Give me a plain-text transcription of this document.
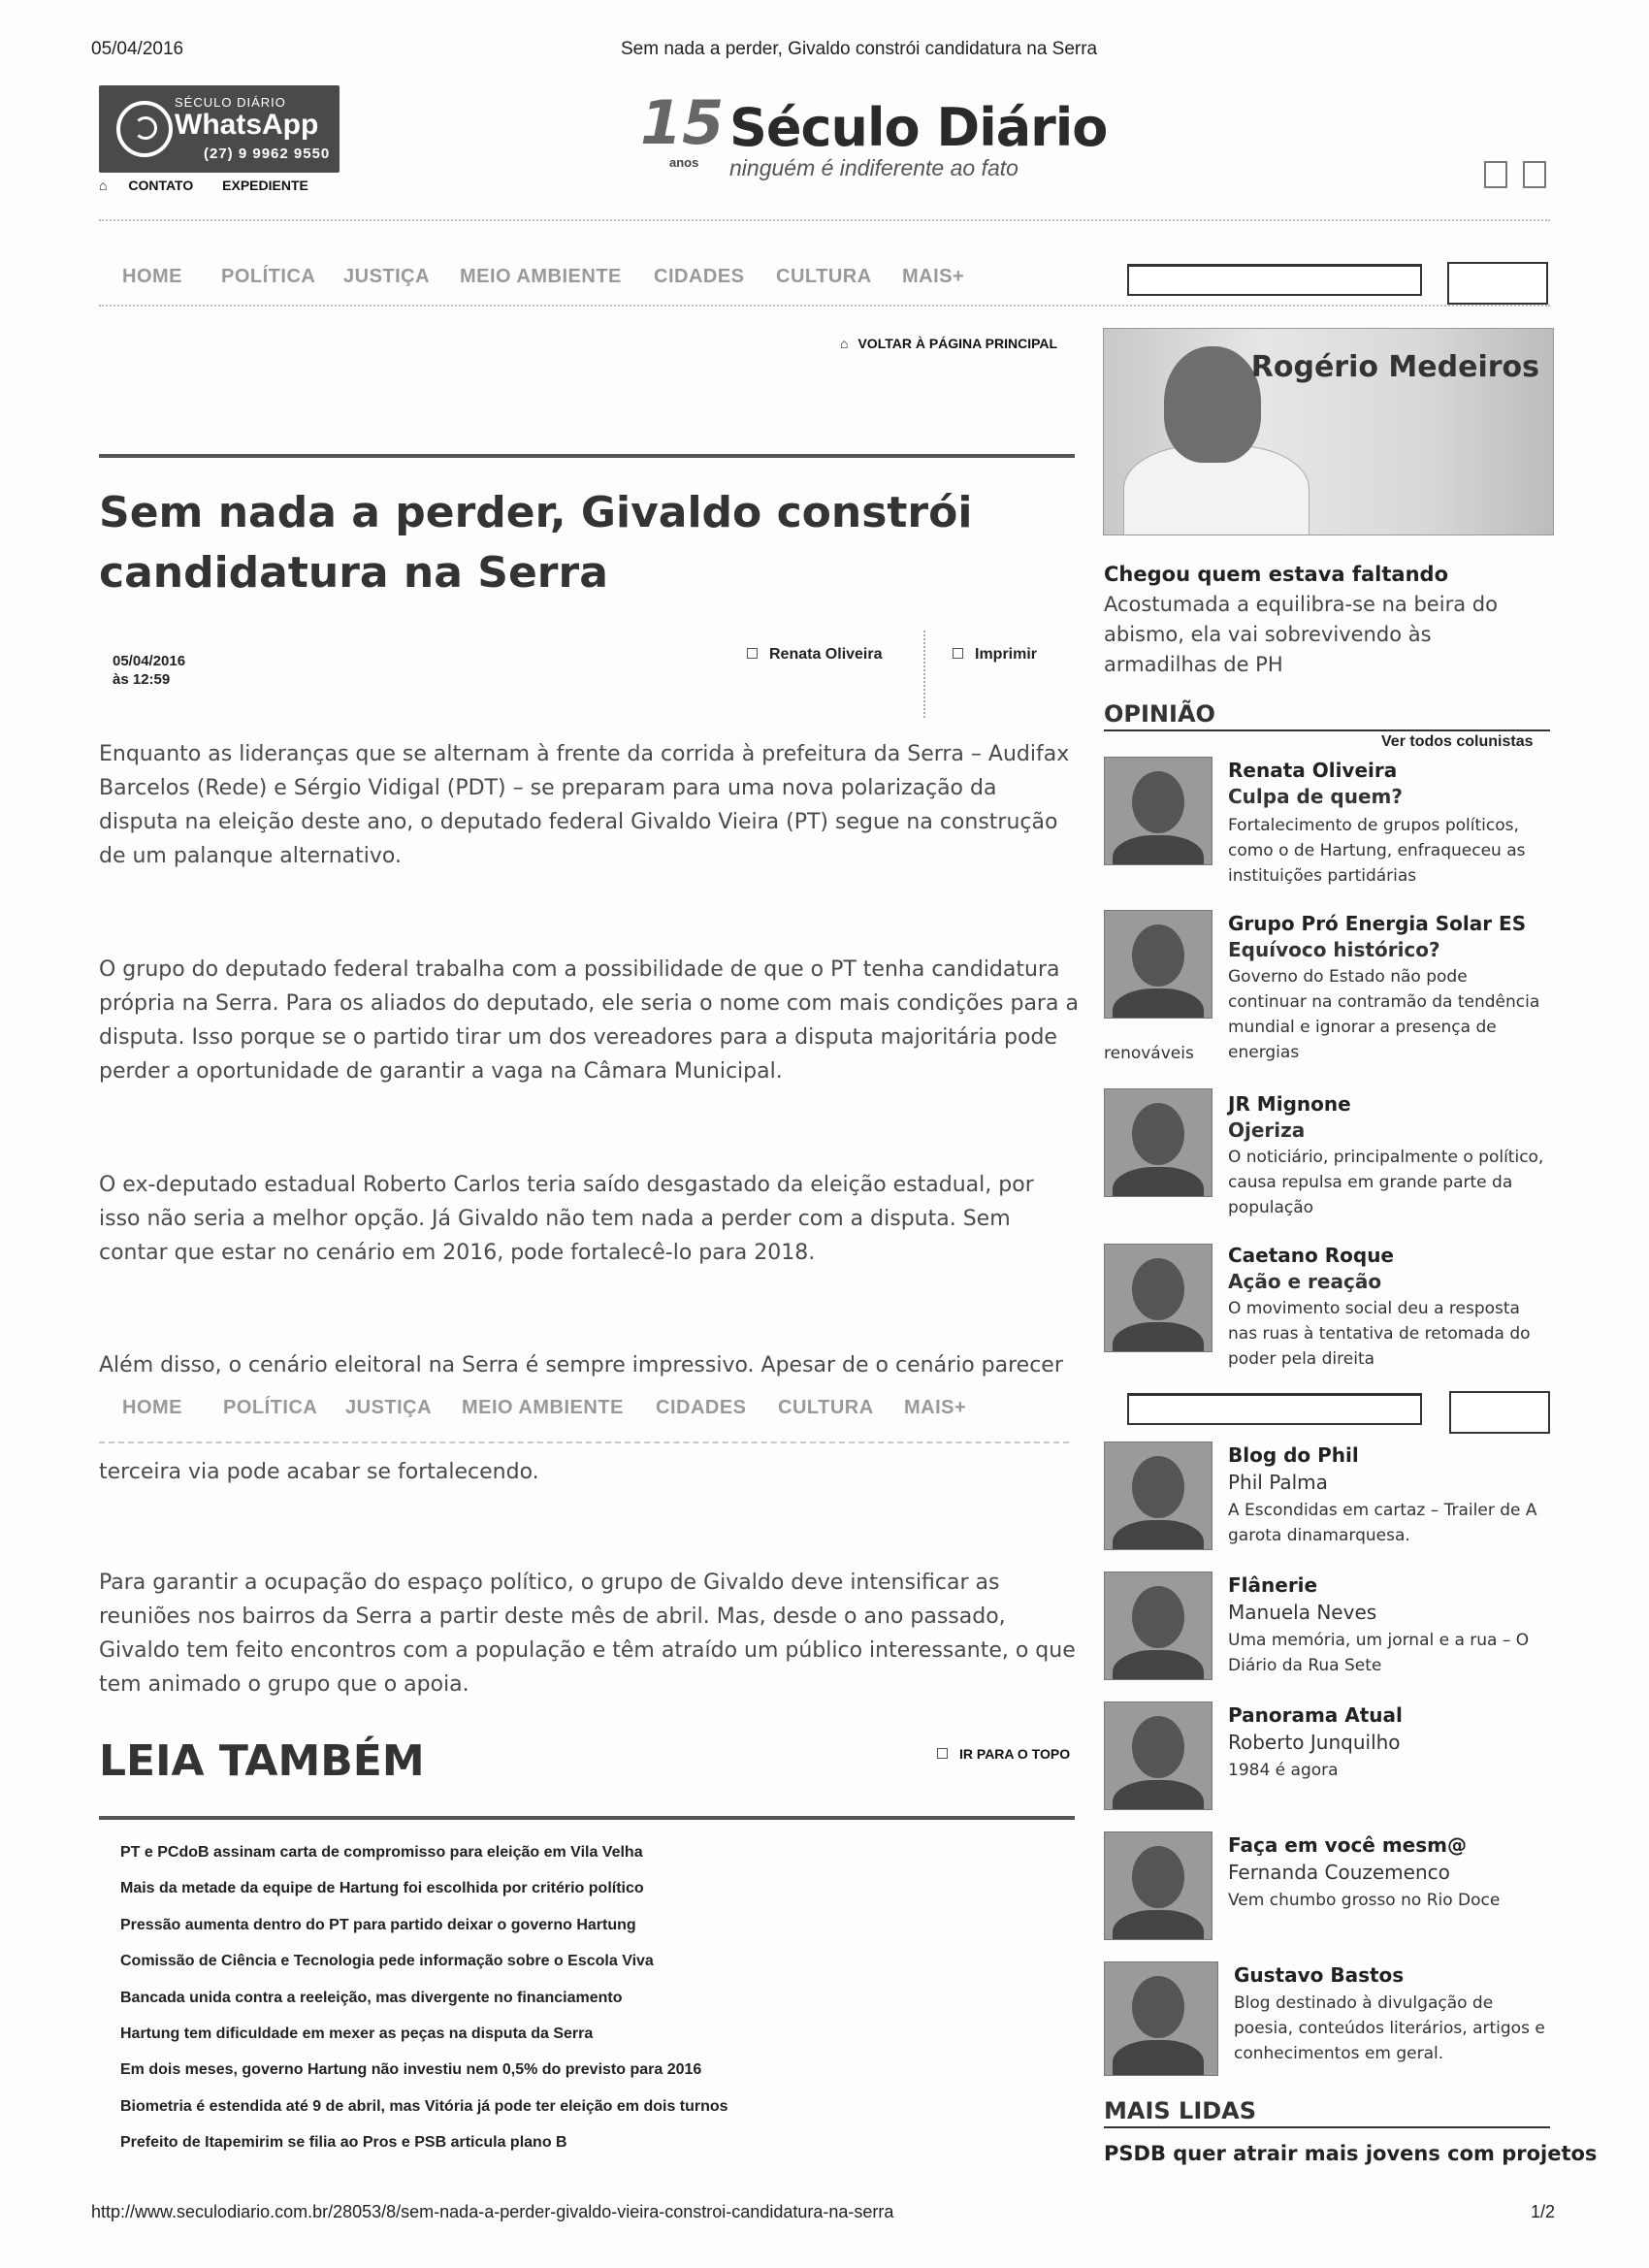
05/04/2016	Sem nada a perder, Givaldo constrói candidatura na Serra
http://www.seculodiario.com.br/28053/8/sem-nada-a-perder-givaldo-vieira-constroi-candidatura-na-serra	1/2
SÉCULO DIÁRIO
WhatsApp
(27) 9 9962 9550
⌂ CONTATO EXPEDIENTE
15
anos
Século Diário
ninguém é indiferente ao fato
HOME POLÍTICA JUSTIÇA MEIO AMBIENTE CIDADES CULTURA MAIS+
⌂ VOLTAR À PÁGINA PRINCIPAL
Sem nada a perder, Givaldo constrói candidatura na Serra
05/04/2016
às 12:59
Renata Oliveira	Imprimir

Enquanto as lideranças que se alternam à frente da corrida à prefeitura da Serra – Audifax Barcelos (Rede) e Sérgio Vidigal (PDT) – se preparam para uma nova polarização da disputa na eleição deste ano, o deputado federal Givaldo Vieira (PT) segue na construção de um palanque alternativo.

O grupo do deputado federal trabalha com a possibilidade de que o PT tenha candidatura própria na Serra. Para os aliados do deputado, ele seria o nome com mais condições para a disputa. Isso porque se o partido tirar um dos vereadores para a disputa majoritária pode perder a oportunidade de garantir a vaga na Câmara Municipal.

O ex-deputado estadual Roberto Carlos teria saído desgastado da eleição estadual, por isso não seria a melhor opção. Já Givaldo não tem nada a perder com a disputa. Sem contar que estar no cenário em 2016, pode fortalecê-lo para 2018.

Além disso, o cenário eleitoral na Serra é sempre impressivo. Apesar de o cenário parecer

HOME POLÍTICA JUSTIÇA MEIO AMBIENTE CIDADES CULTURA MAIS+

terceira via pode acabar se fortalecendo.

Para garantir a ocupação do espaço político, o grupo de Givaldo deve intensificar as reuniões nos bairros da Serra a partir deste mês de abril. Mas, desde o ano passado, Givaldo tem feito encontros com a população e têm atraído um público interessante, o que tem animado o grupo que o apoia.

LEIA TAMBÉM	IR PARA O TOPO
PT e PCdoB assinam carta de compromisso para eleição em Vila Velha
Mais da metade da equipe de Hartung foi escolhida por critério político
Pressão aumenta dentro do PT para partido deixar o governo Hartung
Comissão de Ciência e Tecnologia pede informação sobre o Escola Viva
Bancada unida contra a reeleição, mas divergente no financiamento
Hartung tem dificuldade em mexer as peças na disputa da Serra
Em dois meses, governo Hartung não investiu nem 0,5% do previsto para 2016
Biometria é estendida até 9 de abril, mas Vitória já pode ter eleição em dois turnos
Prefeito de Itapemirim se filia ao Pros e PSB articula plano B
Rogério Medeiros
Chegou quem estava faltando
Acostumada a equilibra-se na beira do abismo, ela vai sobrevivendo às armadilhas de PH
OPINIÃO
Ver todos colunistas
Renata Oliveira
Culpa de quem?
Fortalecimento de grupos políticos, como o de Hartung, enfraqueceu as instituições partidárias
Grupo Pró Energia Solar ES
Equívoco histórico?
Governo do Estado não pode continuar na contramão da tendência mundial e ignorar a presença de energias
renováveis
JR Mignone
Ojeriza
O noticiário, principalmente o político, causa repulsa em grande parte da população
Caetano Roque
Ação e reação
O movimento social deu a resposta nas ruas à tentativa de retomada do poder pela direita
Blog do Phil
Phil Palma
A Escondidas em cartaz – Trailer de A garota dinamarquesa.
Flânerie
Manuela Neves
Uma memória, um jornal e a rua – O Diário da Rua Sete
Panorama Atual
Roberto Junquilho
1984 é agora
Faça em você mesm@
Fernanda Couzemenco
Vem chumbo grosso no Rio Doce
Gustavo Bastos
Blog destinado à divulgação de poesia, conteúdos literários, artigos e conhecimentos em geral.
MAIS LIDAS
PSDB quer atrair mais jovens com projetos
